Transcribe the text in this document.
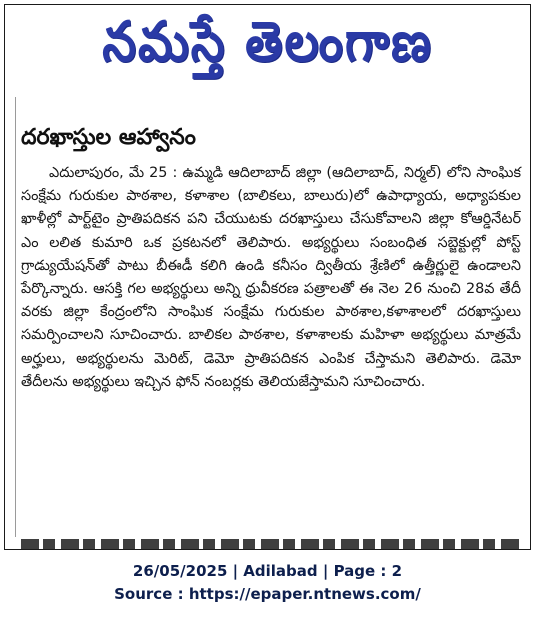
నమస్తే తెలంగాణ
దరఖాస్తుల ఆహ్వానం

ఎదులాపురం, మే 25 : ఉమ్మడి ఆదిలాబాద్ జిల్లా (ఆదిలాబాద్, నిర్మల్) లోని సాంఘిక సంక్షేమ గురుకుల పాఠశాల, కళాశాల (బాలికలు, బాలురు)లో ఉపాధ్యాయ, అధ్యాపకుల ఖాళీల్లో పార్ట్‌టైం ప్రాతిపదికన పని చేయుటకు దరఖాస్తులు చేసుకోవాలని జిల్లా కోఆర్డినేటర్ ఎం లలిత కుమారి ఒక ప్రకటనలో తెలిపారు. అభ్యర్థులు సంబంధిత సబ్జెక్టుల్లో పోస్ట్ గ్రాడ్యుయేషన్‌తో పాటు బీఈడీ కలిగి ఉండి కనీసం ద్వితీయ శ్రేణిలో ఉత్తీర్ణులై ఉండాలని పేర్కొన్నారు. ఆసక్తి గల అభ్యర్థులు అన్ని ధ్రువీకరణ పత్రాలతో ఈ నెల 26 నుంచి 28వ తేదీ వరకు జిల్లా కేంద్రంలోని సాంఘిక సంక్షేమ గురుకుల పాఠశాల,కళాశాలలో దరఖాస్తులు సమర్పించాలని సూచించారు. బాలికల పాఠశాల, కళాశాలకు మహిళా అభ్యర్థులు మాత్రమే అర్హులు, అభ్యర్థులను మెరిట్, డెమో ప్రాతిపదికన ఎంపిక చేస్తామని తెలిపారు. డెమో తేదీలను అభ్యర్థులు ఇచ్చిన ఫోన్ నంబర్లకు తెలియజేస్తామని సూచించారు.

26/05/2025 | Adilabad | Page : 2
Source : https://epaper.ntnews.com/
